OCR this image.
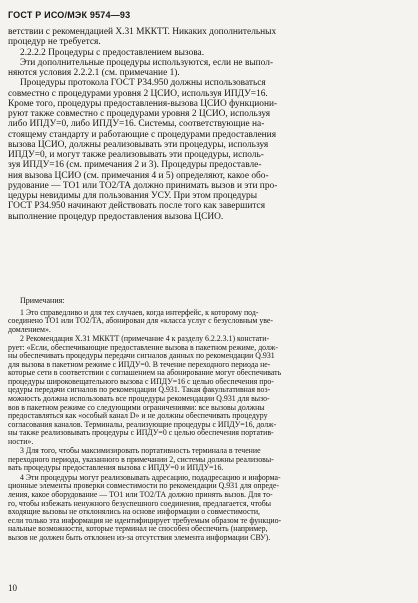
ГОСТ Р ИСО/МЭК 9574—93

ветствии с рекомендацией Х.31 МККТТ. Никаких дополнительных
процедур не требуется.

2.2.2.2 Процедуры с предоставлением вызова.

Эти дополнительные процедуры используются, если не выпол-
няются условия 2.2.2.1 (см. примечание 1).

Процедуры протокола ГОСТ Р34.950 должны использоваться
совместно с процедурами уровня 2 ЦСИО, используя ИПДУ=16.
Кроме того, процедуры предоставления-вызова ЦСИО функциони-
руют также совместно с процедурами уровня 2 ЦСИО, используя
либо ИПДУ=0, либо ИПДУ=16. Системы, соответствующие на-
стоящему стандарту и работающие с процедурами предоставления
вызова ЦСИО, должны реализовывать эти процедуры, используя
ИПДУ=0, и могут также реализовывать эти процедуры, исполь-
зуя ИПДУ=16 (см. примечания 2 и 3). Процедуры предоставле-
ния вызова ЦСИО (см. примечания 4 и 5) определяют, какое обо-
рудование — ТО1 или ТО2/ТА должно принимать вызов и эти про-
цедуры невидимы для пользования УСУ. При этом процедуры
ГОСТ Р34.950 начинают действовать после того как завершится
выполнение процедур предоставления вызова ЦСИО.

Примечания:

1 Это справедливо и для тех случаев, когда интерфейс, к которому под-
соединено ТО1 или ТО2/ТА, абонирован для «класса услуг с безусловным уве-
домлением».

2 Рекомендация Х.31 МККТТ (примечание 4 к разделу 6.2.2.3.1) констати-
рует: «Если, обеспечивающие предоставление вызова в пакетном режиме, долж-
ны обеспечивать процедуры передачи сигналов данных по рекомендации Q.931
для вызова в пакетном режиме с ИПДУ=0. В течение переходного периода не-
которые сети в соответствии с соглашением на абонирование могут обеспечивать
процедуры широковещательного вызова с ИПДУ=16 с целью обеспечения про-
цедуры передачи сигналов по рекомендации Q.931. Такая факультативная воз-
можность должна использовать все процедуры рекомендации Q.931 для вызо-
вов в пакетном режиме со следующими ограничениями: все вызовы должны
предоставляться как «особый канал D» и не должны обеспечивать процедуру
согласования каналов. Терминалы, реализующие процедуры с ИПДУ=16, долж-
ны также реализовывать процедуры с ИПДУ=0 с целью обеспечения портатив-
ности».

3 Для того, чтобы максимизировать портативность терминала в течение
переходного периода, указанного в примечании 2, системы должны реализовы-
вать процедуры предоставления вызова с ИПДУ=0 и ИПДУ=16.

4 Эти процедуры могут реализовывать адресацию, подадресацию и информа-
ционные элементы проверки совместимости по рекомендации Q.931 для опреде-
ления, какое оборудование — ТО1 или ТО2/ТА должно принять вызов. Для то-
го, чтобы избежать ненужного безуспешного соединения, предлагается, чтобы
входящие вызовы не отклонялись на основе информации о совместимости,
если только эта информация не идентифицирует требуемым образом те функцио-
нальные возможности, которые терминал не способен обеспечить (например,
вызов не должен быть отклонен из-за отсутствия элемента информации СВУ).

10
